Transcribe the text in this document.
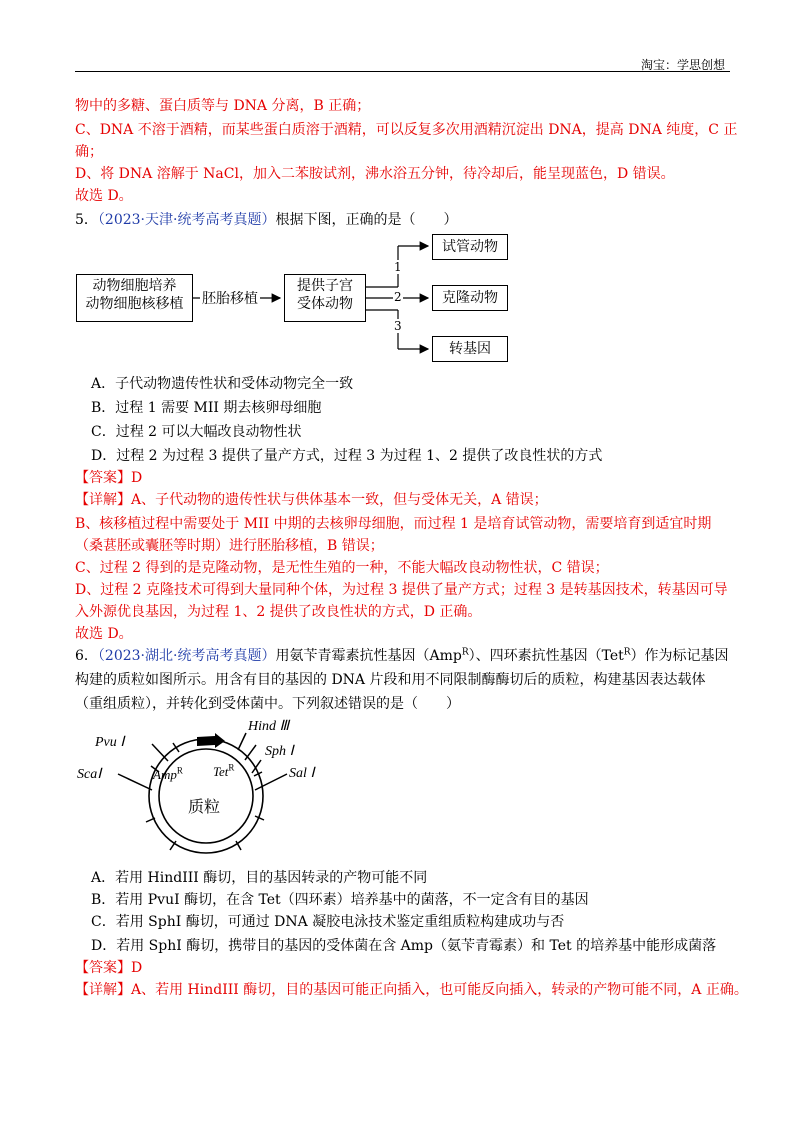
淘宝：学思创想
物中的多糖、蛋白质等与 DNA 分离，B 正确；
C、DNA 不溶于酒精，而某些蛋白质溶于酒精，可以反复多次用酒精沉淀出 DNA，提高 DNA 纯度，C 正
确；
D、将 DNA 溶解于 NaCl，加入二苯胺试剂，沸水浴五分钟，待冷却后，能呈现蓝色，D 错误。
故选 D。
5．（2023·天津·统考高考真题）根据下图，正确的是（　　）
动物细胞培养
动物细胞核移植	胚胎移植
提供子宫
受体动物
1
2
3
试管动物
克隆动物
转基因
A．子代动物遗传性状和受体动物完全一致
B．过程 1 需要 MII 期去核卵母细胞
C．过程 2 可以大幅改良动物性状
D．过程 2 为过程 3 提供了量产方式，过程 3 为过程 1、2 提供了改良性状的方式
【答案】D
【详解】A、子代动物的遗传性状与供体基本一致，但与受体无关，A 错误；
B、核移植过程中需要处于 MII 中期的去核卵母细胞，而过程 1 是培育试管动物，需要培育到适宜时期
（桑葚胚或囊胚等时期）进行胚胎移植，B 错误；
C、过程 2 得到的是克隆动物，是无性生殖的一种，不能大幅改良动物性状，C 错误；
D、过程 2 克隆技术可得到大量同种个体，为过程 3 提供了量产方式；过程 3 是转基因技术，转基因可导
入外源优良基因，为过程 1、2 提供了改良性状的方式，D 正确。
故选 D。
6．（2023·湖北·统考高考真题）用氨苄青霉素抗性基因（Amp$^R$）、四环素抗性基因（Tet$^R$）作为标记基因
构建的质粒如图所示。用含有目的基因的 DNA 片段和用不同限制酶酶切后的质粒，构建基因表达载体
（重组质粒），并转化到受体菌中。下列叙述错误的是（　　）
Hind Ⅲ
Sph Ⅰ
Sal Ⅰ
Pvu Ⅰ
ScaⅠ	Amp$^R$ Tet$^R$
质粒
A．若用 HindIII 酶切，目的基因转录的产物可能不同
B．若用 PvuI 酶切，在含 Tet（四环素）培养基中的菌落，不一定含有目的基因
C．若用 SphI 酶切，可通过 DNA 凝胶电泳技术鉴定重组质粒构建成功与否
D．若用 SphI 酶切，携带目的基因的受体菌在含 Amp（氨苄青霉素）和 Tet 的培养基中能形成菌落
【答案】D
【详解】A、若用 HindIII 酶切，目的基因可能正向插入，也可能反向插入，转录的产物可能不同，A 正确。
